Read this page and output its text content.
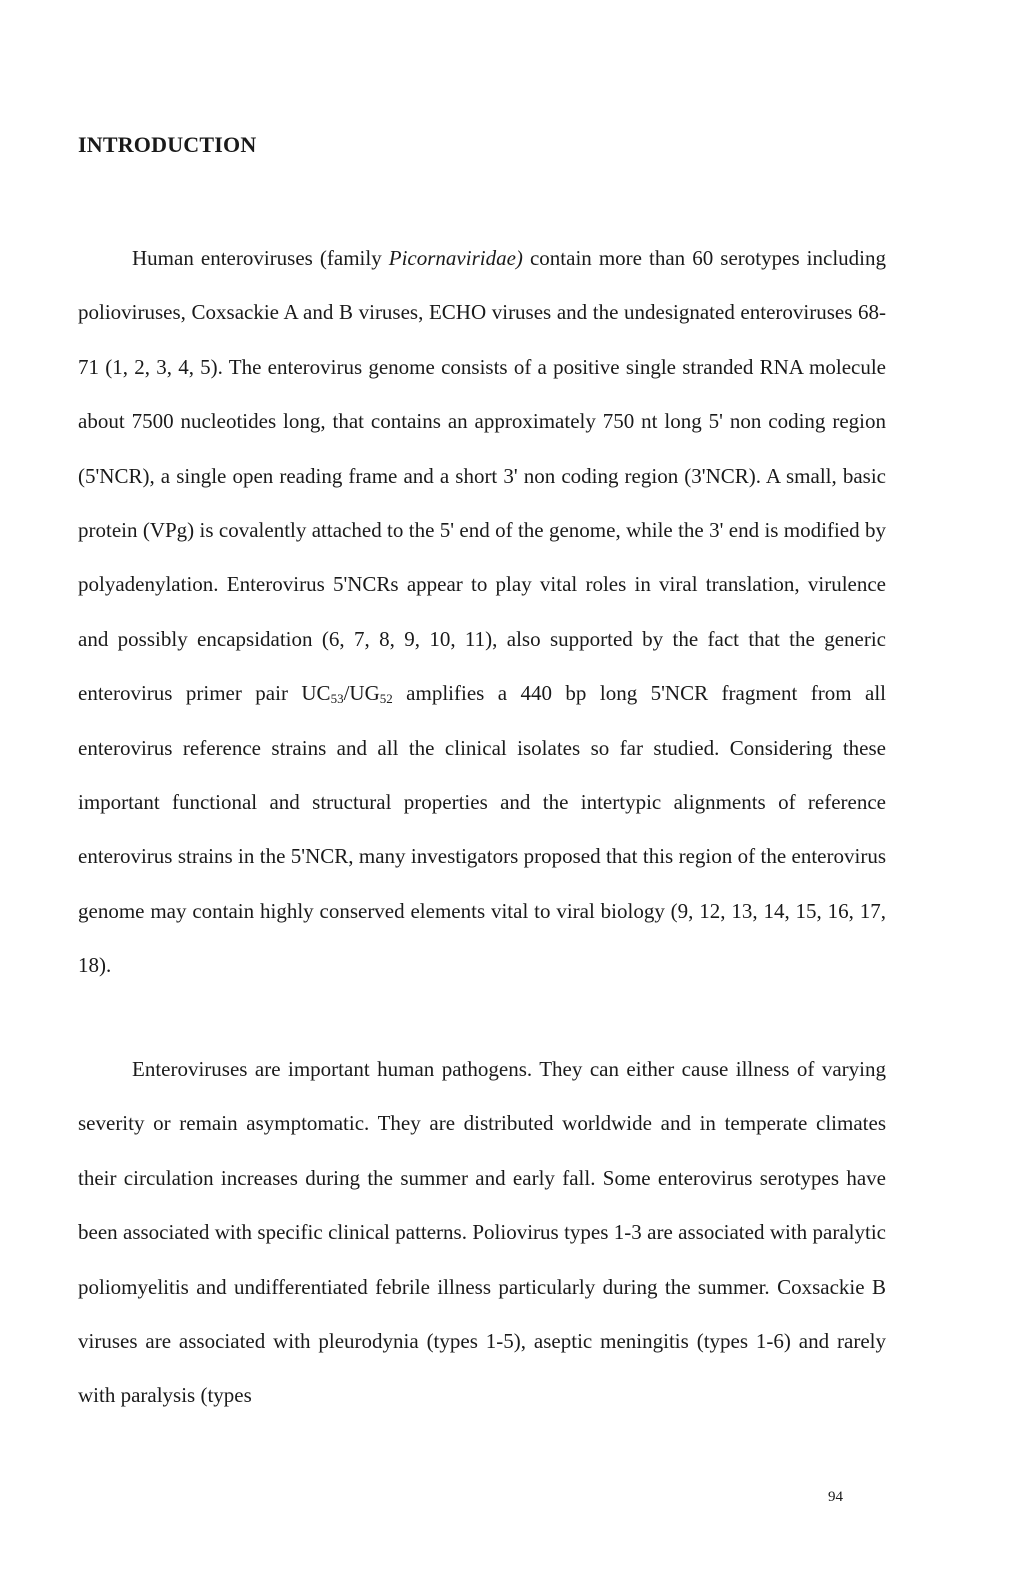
INTRODUCTION

Human enteroviruses (family Picornaviridae) contain more than 60 serotypes including polioviruses, Coxsackie A and B viruses, ECHO viruses and the undesignated enteroviruses 68-71 (1, 2, 3, 4, 5). The enterovirus genome consists of a positive single stranded RNA molecule about 7500 nucleotides long, that contains an approximately 750 nt long 5' non coding region (5'NCR), a single open reading frame and a short 3' non coding region (3'NCR). A small, basic protein (VPg) is covalently attached to the 5' end of the genome, while the 3' end is modified by polyadenylation. Enterovirus 5'NCRs appear to play vital roles in viral translation, virulence and possibly encapsidation (6, 7, 8, 9, 10, 11), also supported by the fact that the generic enterovirus primer pair $UC_{53}/UG_{52}$ amplifies a 440 bp long 5'NCR fragment from all enterovirus reference strains and all the clinical isolates so far studied. Considering these important functional and structural properties and the intertypic alignments of reference enterovirus strains in the 5'NCR, many investigators proposed that this region of the enterovirus genome may contain highly conserved elements vital to viral biology (9, 12, 13, 14, 15, 16, 17, 18).

Enteroviruses are important human pathogens. They can either cause illness of varying severity or remain asymptomatic. They are distributed worldwide and in temperate climates their circulation increases during the summer and early fall. Some enterovirus serotypes have been associated with specific clinical patterns. Poliovirus types 1-3 are associated with paralytic poliomyelitis and undifferentiated febrile illness particularly during the summer. Coxsackie B viruses are associated with pleurodynia (types 1-5), aseptic meningitis (types 1-6) and rarely with paralysis (types

94
